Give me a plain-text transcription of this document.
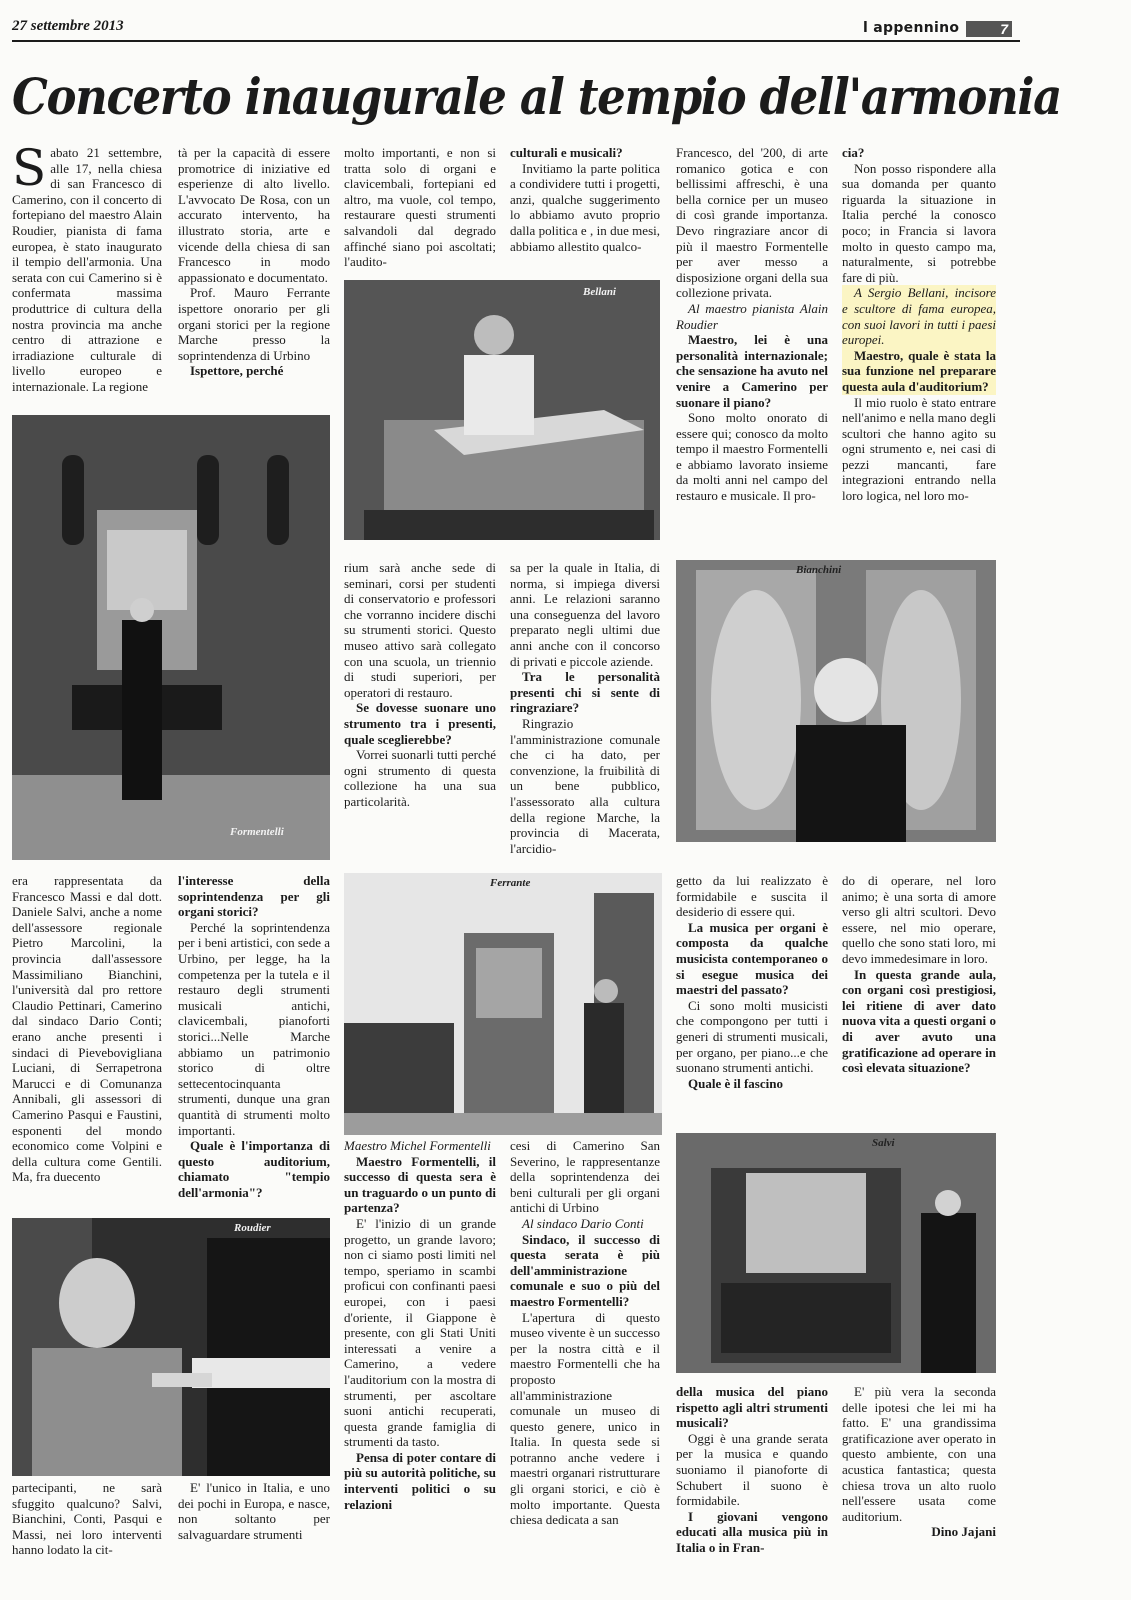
27 settembre 2013	l appennino	7
Concerto inaugurale al tempio dell'armonia

Sabato 21 settembre, alle 17, nella chiesa di san Francesco di Camerino, con il concerto di fortepiano del maestro Alain Roudier, pianista di fama europea, è stato inaugurato il tempio dell'armonia. Una serata con cui Camerino si è confermata massima produttrice di cultura della nostra provincia ma anche centro di attrazione e irradiazione culturale di livello europeo e internazionale. La regione

tà per la capacità di essere promotrice di iniziative ed esperienze di alto livello. L'avvocato De Rosa, con un accurato intervento, ha illustrato storia, arte e vicende della chiesa di san Francesco in modo appassionato e documentato.

Prof. Mauro Ferrante ispettore onorario per gli organi storici per la regione Marche presso la soprintendenza di Urbino

Ispettore, perché

molto importanti, e non si tratta solo di organi e clavicembali, fortepiani ed altro, ma vuole, col tempo, restaurare questi strumenti salvandoli dal degrado affinché siano poi ascoltati; l'audito-

culturali e musicali?

Invitiamo la parte politica a condividere tutti i progetti, anzi, qualche suggerimento lo abbiamo avuto proprio dalla politica e , in due mesi, abbiamo allestito qualco-

Francesco, del '200, di arte romanico gotica e con bellissimi affreschi, è una bella cornice per un museo di così grande importanza. Devo ringraziare ancor di più il maestro Formentelle per aver messo a disposizione organi della sua collezione privata.

Al maestro pianista Alain Roudier

Maestro, lei è una personalità internazionale; che sensazione ha avuto nel venire a Camerino per suonare il piano?

Sono molto onorato di essere qui; conosco da molto tempo il maestro Formentelli e abbiamo lavorato insieme da molti anni nel campo del restauro e musicale. Il pro-

cia?

Non posso rispondere alla sua domanda per quanto riguarda la situazione in Italia perché la conosco poco; in Francia si lavora molto in questo campo ma, naturalmente, si potrebbe fare di più.

A Sergio Bellani, incisore e scultore di fama europea, con suoi lavori in tutti i paesi europei.

Maestro, quale è stata la sua funzione nel preparare questa aula d'auditorium?

Il mio ruolo è stato entrare nell'animo e nella mano degli scultori che hanno agito su ogni strumento e, nei casi di pezzi mancanti, fare integrazioni entrando nella loro logica, nel loro mo-

Bellani
Formentelli

rium sarà anche sede di seminari, corsi per studenti di conservatorio e professori che vorranno incidere dischi su strumenti storici. Questo museo attivo sarà collegato con una scuola, un triennio di studi superiori, per operatori di restauro.

Se dovesse suonare uno strumento tra i presenti, quale sceglierebbe?

Vorrei suonarli tutti perché ogni strumento di questa collezione ha una sua particolarità.

sa per la quale in Italia, di norma, si impiega diversi anni. Le relazioni saranno una conseguenza del lavoro preparato negli ultimi due anni anche con il concorso di privati e piccole aziende.

Tra le personalità presenti chi si sente di ringraziare?

Ringrazio l'amministrazione comunale che ci ha dato, per convenzione, la fruibilità di un bene pubblico, l'assessorato alla cultura della regione Marche, la provincia di Macerata, l'arcidio-

Bianchini

era rappresentata da Francesco Massi e dal dott. Daniele Salvi, anche a nome dell'assessore regionale Pietro Marcolini, la provincia dall'assessore Massimiliano Bianchini, l'università dal pro rettore Claudio Pettinari, Camerino dal sindaco Dario Conti; erano anche presenti i sindaci di Pievebovigliana Luciani, di Serrapetrona Marucci e di Comunanza Annibali, gli assessori di Camerino Pasqui e Faustini, esponenti del mondo economico come Volpini e della cultura come Gentili. Ma, fra duecento

l'interesse della soprintendenza per gli organi storici?

Perché la soprintendenza per i beni artistici, con sede a Urbino, per legge, ha la competenza per la tutela e il restauro degli strumenti musicali antichi, clavicembali, pianoforti storici...Nelle Marche abbiamo un patrimonio storico di oltre settecentocinquanta strumenti, dunque una gran quantità di strumenti molto importanti.

Quale è l'importanza di questo auditorium, chiamato "tempio dell'armonia"?

Ferrante	getto da lui realizzato è formidabile e suscita il desiderio di essere qui.

La musica per organi è composta da qualche musicista contemporaneo o si esegue musica dei maestri del passato?

Ci sono molti musicisti che compongono per tutti i generi di strumenti musicali, per organo, per piano...e che suonano strumenti antichi.

Quale è il fascino

do di operare, nel loro animo; è una sorta di amore verso gli altri scultori. Devo essere, nel mio operare, quello che sono stati loro, mi devo immedesimare in loro.

In questa grande aula, con organi così prestigiosi, lei ritiene di aver dato nuova vita a questi organi o di aver avuto una gratificazione ad operare in così elevata situazione?

Maestro Michel Formentelli

Maestro Formentelli, il successo di questa sera è un traguardo o un punto di partenza?

E' l'inizio di un grande progetto, un grande lavoro; non ci siamo posti limiti nel tempo, speriamo in scambi proficui con confinanti paesi europei, con i paesi d'oriente, il Giappone è presente, con gli Stati Uniti interessati a venire a Camerino, a vedere l'auditorium con la mostra di strumenti, per ascoltare suoni antichi recuperati, questa grande famiglia di strumenti da tasto.

Pensa di poter contare di più su autorità politiche, su interventi politici o su relazioni

cesi di Camerino San Severino, le rappresentanze della soprintendenza dei beni culturali per gli organi antichi di Urbino

Al sindaco Dario Conti

Sindaco, il successo di questa serata è più dell'amministrazione comunale e suo o più del maestro Formentelli?

L'apertura di questo museo vivente è un successo per la nostra città e il maestro Formentelli che ha proposto all'amministrazione comunale un museo di questo genere, unico in Italia. In questa sede si potranno anche vedere i maestri organari ristrutturare gli organi storici, e ciò è molto importante. Questa chiesa dedicata a san

Roudier
Salvi

partecipanti, ne sarà sfuggito qualcuno? Salvi, Bianchini, Conti, Pasqui e Massi, nei loro interventi hanno lodato la cit-

E' l'unico in Italia, e uno dei pochi in Europa, e nasce, non soltanto per salvaguardare strumenti

della musica del piano rispetto agli altri strumenti musicali?

Oggi è una grande serata per la musica e quando suoniamo il pianoforte di Schubert il suono è formidabile.

I giovani vengono educati alla musica più in Italia o in Fran-

E' più vera la seconda delle ipotesi che lei mi ha fatto. E' una grandissima gratificazione aver operato in questo ambiente, con una acustica fantastica; questa chiesa trova un alto ruolo nell'essere usata come auditorium.

Dino Jajani
